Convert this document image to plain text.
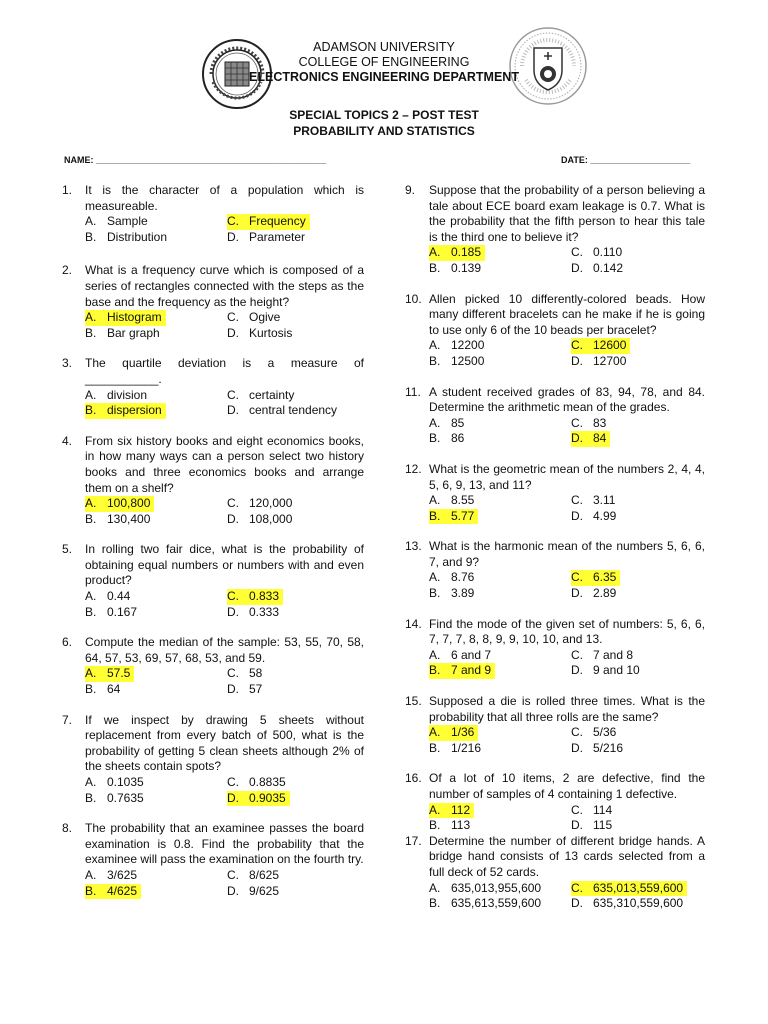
ADAMSON UNIVERSITY
COLLEGE OF ENGINEERING
ELECTRONICS ENGINEERING DEPARTMENT
SPECIAL TOPICS 2 – POST TEST
PROBABILITY AND STATISTICS
NAME: ______________________________________________	DATE: ____________________
1.	It is the character of a population which is measureable.
A. Sample	C. Frequency
B. Distribution	D. Parameter
2.	What is a frequency curve which is composed of a series of rectangles connected with the steps as the base and the frequency as the height?
A. Histogram	C. Ogive
B. Bar graph	D. Kurtosis
3.	The quartile deviation is a measure of ___________.
A. division	C. certainty
B. dispersion	D. central tendency
4.	From six history books and eight economics books, in how many ways can a person select two history books and three economics books and arrange them on a shelf?
A. 100,800	C. 120,000
B. 130,400	D. 108,000
5.	In rolling two fair dice, what is the probability of obtaining equal numbers or numbers with and even product?
A. 0.44	C. 0.833
B. 0.167	D. 0.333
6.	Compute the median of the sample: 53, 55, 70, 58, 64, 57, 53, 69, 57, 68, 53, and 59.
A. 57.5	C. 58
B. 64	D. 57
7.	If we inspect by drawing 5 sheets without replacement from every batch of 500, what is the probability of getting 5 clean sheets although 2% of the sheets contain spots?
A. 0.1035	C. 0.8835
B. 0.7635	D. 0.9035
8.	The probability that an examinee passes the board examination is 0.8. Find the probability that the examinee will pass the examination on the fourth try.
A. 3/625	C. 8/625
B. 4/625	D. 9/625
9.	Suppose that the probability of a person believing a tale about ECE board exam leakage is 0.7. What is the probability that the fifth person to hear this tale is the third one to believe it?
A. 0.185	C. 0.110
B. 0.139	D. 0.142
10. Allen picked 10 differently-colored beads. How many different bracelets can he make if he is going to use only 6 of the 10 beads per bracelet?
A. 12200	C. 12600
B. 12500	D. 12700
11. A student received grades of 83, 94, 78, and 84. Determine the arithmetic mean of the grades.
A. 85	C. 83
B. 86	D. 84
12. What is the geometric mean of the numbers 2, 4, 4, 5, 6, 9, 13, and 11?
A. 8.55	C. 3.11
B. 5.77	D. 4.99
13. What is the harmonic mean of the numbers 5, 6, 6, 7, and 9?
A. 8.76	C. 6.35
B. 3.89	D. 2.89
14. Find the mode of the given set of numbers: 5, 6, 6, 7, 7, 7, 8, 8, 9, 9, 10, 10, and 13.
A. 6 and 7	C. 7 and 8
B. 7 and 9	D. 9 and 10
15. Supposed a die is rolled three times. What is the probability that all three rolls are the same?
A. 1/36	C. 5/36
B. 1/216	D. 5/216
16. Of a lot of 10 items, 2 are defective, find the number of samples of 4 containing 1 defective.
A. 112	C. 114
B. 113	D. 115
17. Determine the number of different bridge hands. A bridge hand consists of 13 cards selected from a full deck of 52 cards.
A. 635,013,955,600 C. 635,013,559,600
B. 635,613,559,600 D. 635,310,559,600
